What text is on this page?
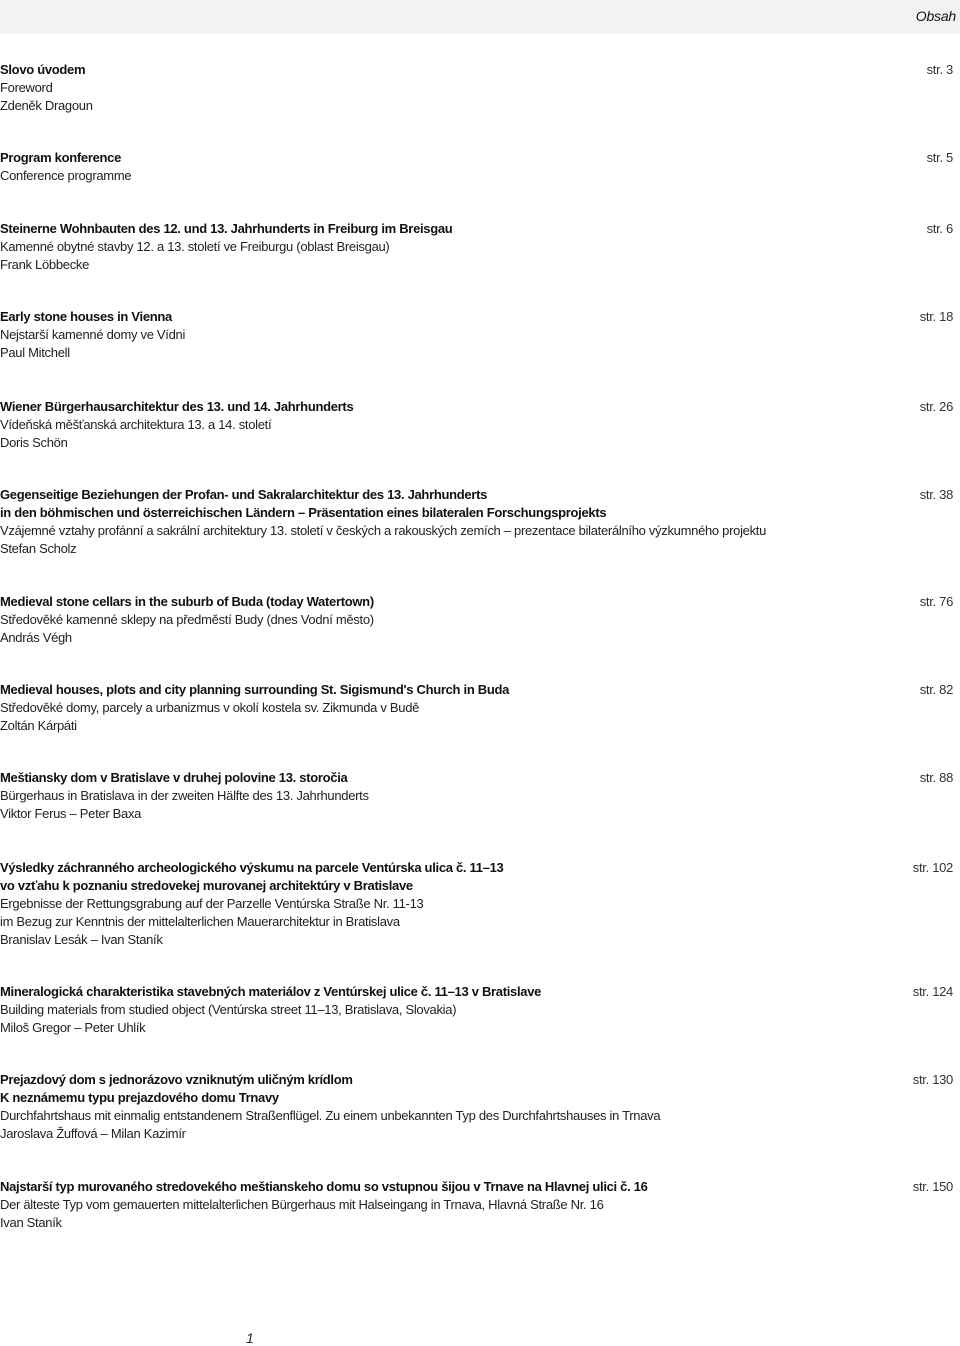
Obsah
Slovo úvodem
Foreword
Zdeněk Dragoun
str. 3
Program konference
Conference programme
str. 5
Steinerne Wohnbauten des 12. und 13. Jahrhunderts in Freiburg im Breisgau
Kamenné obytné stavby 12. a 13. století ve Freiburgu (oblast Breisgau)
Frank Löbbecke
str. 6
Early stone houses in Vienna
Nejstarší kamenné domy ve Vídni
Paul Mitchell
str. 18
Wiener Bürgerhausarchitektur des 13. und 14. Jahrhunderts
Vídeňská měšťanská architektura 13. a 14. století
Doris Schön
str. 26
Gegenseitige Beziehungen der Profan- und Sakralarchitektur des 13. Jahrhunderts
in den böhmischen und österreichischen Ländern – Präsentation eines bilateralen Forschungsprojekts
Vzájemné vztahy profánní a sakrální architektury 13. století v českých a rakouských zemích – prezentace bilaterálního výzkumného projektu
Stefan Scholz
str. 38
Medieval stone cellars in the suburb of Buda (today Watertown)
Středověké kamenné sklepy na předměstí Budy (dnes Vodní město)
András Végh
str. 76
Medieval houses, plots and city planning surrounding St. Sigismund's Church in Buda
Středověké domy, parcely a urbanizmus v okolí kostela sv. Zikmunda v Budě
Zoltán Kárpáti
str. 82
Meštiansky dom v Bratislave v druhej polovine 13. storočia
Bürgerhaus in Bratislava in der zweiten Hälfte des 13. Jahrhunderts
Viktor Ferus – Peter Baxa
str. 88
Výsledky záchranného archeologického výskumu na parcele Ventúrska ulica č. 11–13
vo vzťahu k poznaniu stredovekej murovanej architektúry v Bratislave
Ergebnisse der Rettungsgrabung auf der Parzelle Ventúrska Straße Nr. 11-13
im Bezug zur Kenntnis der mittelalterlichen Mauerarchitektur in Bratislava
Branislav Lesák – Ivan Staník
str. 102
Mineralogická charakteristika stavebných materiálov z Ventúrskej ulice č. 11–13 v Bratislave
Building materials from studied object (Ventúrska street 11–13, Bratislava, Slovakia)
Miloš Gregor – Peter Uhlík
str. 124
Prejazdový dom s jednorázovo vzniknutým uličným krídlom
K neznámemu typu prejazdového domu Trnavy
Durchfahrtshaus mit einmalig entstandenem Straßenflügel. Zu einem unbekannten Typ des Durchfahrtshauses in Trnava
Jaroslava Žuffová – Milan Kazimír
str. 130
Najstarší typ murovaného stredovekého meštianskeho domu so vstupnou šijou v Trnave na Hlavnej ulici č. 16
Der älteste Typ vom gemauerten mittelalterlichen Bürgerhaus mit Halseingang in Trnava, Hlavná Straße Nr. 16
Ivan Staník
str. 150
1
